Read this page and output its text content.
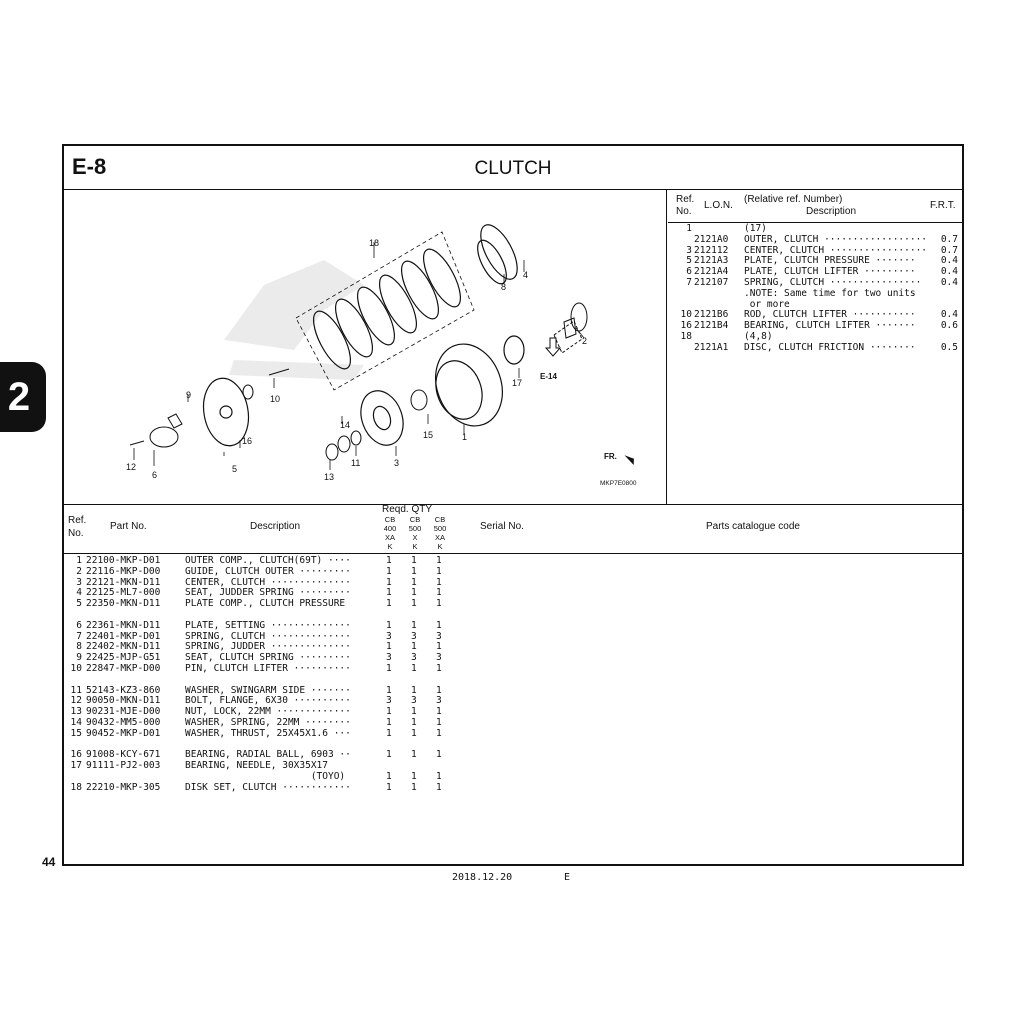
2
44
2018.12.20	E
E-8	CLUTCH
18
4
8
2
17
9	10
16
5
14
15	1
12
6
11	3
13
E-14
FR.
MKP7E0800
Ref.
No.
L.O.N.
(Relative ref. Number)
Description
F.R.T.
1	(17)
2121A0 OUTER, CLUTCH ··················	0.7
3 212112 CENTER, CLUTCH ·················	0.7
5 2121A3 PLATE, CLUTCH PRESSURE ·······	0.4
6 2121A4 PLATE, CLUTCH LIFTER ·········	0.4
7 212107 SPRING, CLUTCH ················	0.4
.NOTE: Same time for two units
or more
10 2121B6 ROD, CLUTCH LIFTER ···········	0.4
16 2121B4 BEARING, CLUTCH LIFTER ·······	0.6
18	(4,8)
2121A1 DISC, CLUTCH FRICTION ········	0.5
Ref.
No.
Part No.	Description
Reqd. QTY
CB
400
XA
K
CB
500
X
K
CB
500
XA
K
Serial No.	Parts catalogue code
1 22100-MKP-D01	OUTER COMP., CLUTCH(69T) ····	1 1 1
2 22116-MKP-D00	GUIDE, CLUTCH OUTER ·········	1 1 1
3 22121-MKN-D11	CENTER, CLUTCH ··············	1 1 1
4 22125-ML7-000	SEAT, JUDDER SPRING ·········	1 1 1
5 22350-MKN-D11	PLATE COMP., CLUTCH PRESSURE	1 1 1
6 22361-MKN-D11	PLATE, SETTING ··············	1 1 1
7 22401-MKP-D01	SPRING, CLUTCH ··············	3 3 3
8 22402-MKN-D11	SPRING, JUDDER ··············	1 1 1
9 22425-MJP-G51	SEAT, CLUTCH SPRING ·········	3 3 3
10 22847-MKP-D00	PIN, CLUTCH LIFTER ··········	1 1 1
11 52143-KZ3-860	WASHER, SWINGARM SIDE ·······	1 1 1
12 90050-MKN-D11	BOLT, FLANGE, 6X30 ··········	3 3 3
13 90231-MJE-D00	NUT, LOCK, 22MM ·············	1 1 1
14 90432-MM5-000	WASHER, SPRING, 22MM ········	1 1 1
15 90452-MKP-D01	WASHER, THRUST, 25X45X1.6 ···	1 1 1
16 91008-KCY-671	BEARING, RADIAL BALL, 6903 ··	1 1 1
17 91111-PJ2-003	BEARING, NEEDLE, 30X35X17
(TOYO)	1 1 1
18 22210-MKP-305	DISK SET, CLUTCH ············	1 1 1
